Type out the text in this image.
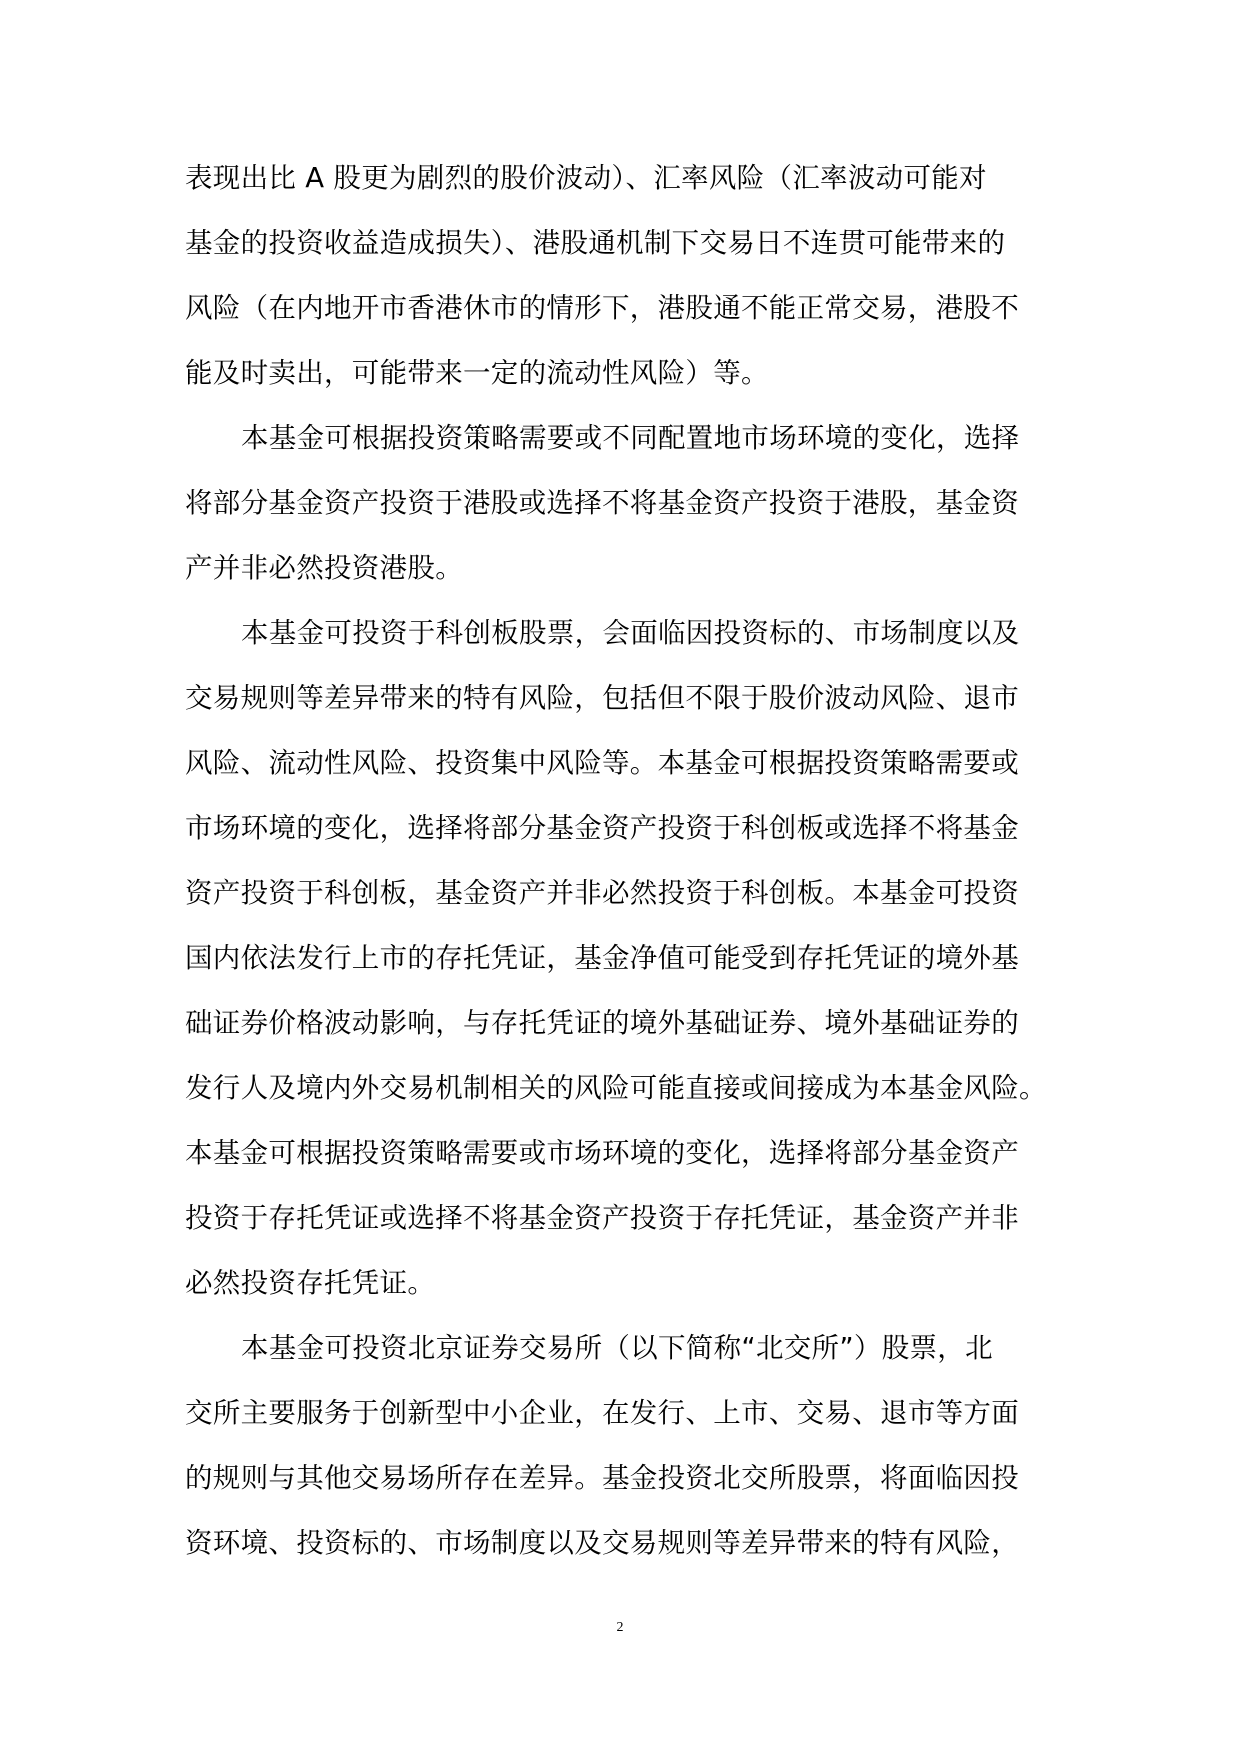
表现出比 A 股更为剧烈的股价波动）、汇率风险（汇率波动可能对
基金的投资收益造成损失）、港股通机制下交易日不连贯可能带来的
风险（在内地开市香港休市的情形下，港股通不能正常交易，港股不
能及时卖出，可能带来一定的流动性风险）等。
本基金可根据投资策略需要或不同配置地市场环境的变化，选择
将部分基金资产投资于港股或选择不将基金资产投资于港股，基金资
产并非必然投资港股。
本基金可投资于科创板股票，会面临因投资标的、市场制度以及
交易规则等差异带来的特有风险，包括但不限于股价波动风险、退市
风险、流动性风险、投资集中风险等。本基金可根据投资策略需要或
市场环境的变化，选择将部分基金资产投资于科创板或选择不将基金
资产投资于科创板，基金资产并非必然投资于科创板。本基金可投资
国内依法发行上市的存托凭证，基金净值可能受到存托凭证的境外基
础证券价格波动影响，与存托凭证的境外基础证券、境外基础证券的
发行人及境内外交易机制相关的风险可能直接或间接成为本基金风险。
本基金可根据投资策略需要或市场环境的变化，选择将部分基金资产
投资于存托凭证或选择不将基金资产投资于存托凭证，基金资产并非
必然投资存托凭证。
本基金可投资北京证券交易所（以下简称“北交所”）股票，北
交所主要服务于创新型中小企业，在发行、上市、交易、退市等方面
的规则与其他交易场所存在差异。基金投资北交所股票，将面临因投
资环境、投资标的、市场制度以及交易规则等差异带来的特有风险，
2
